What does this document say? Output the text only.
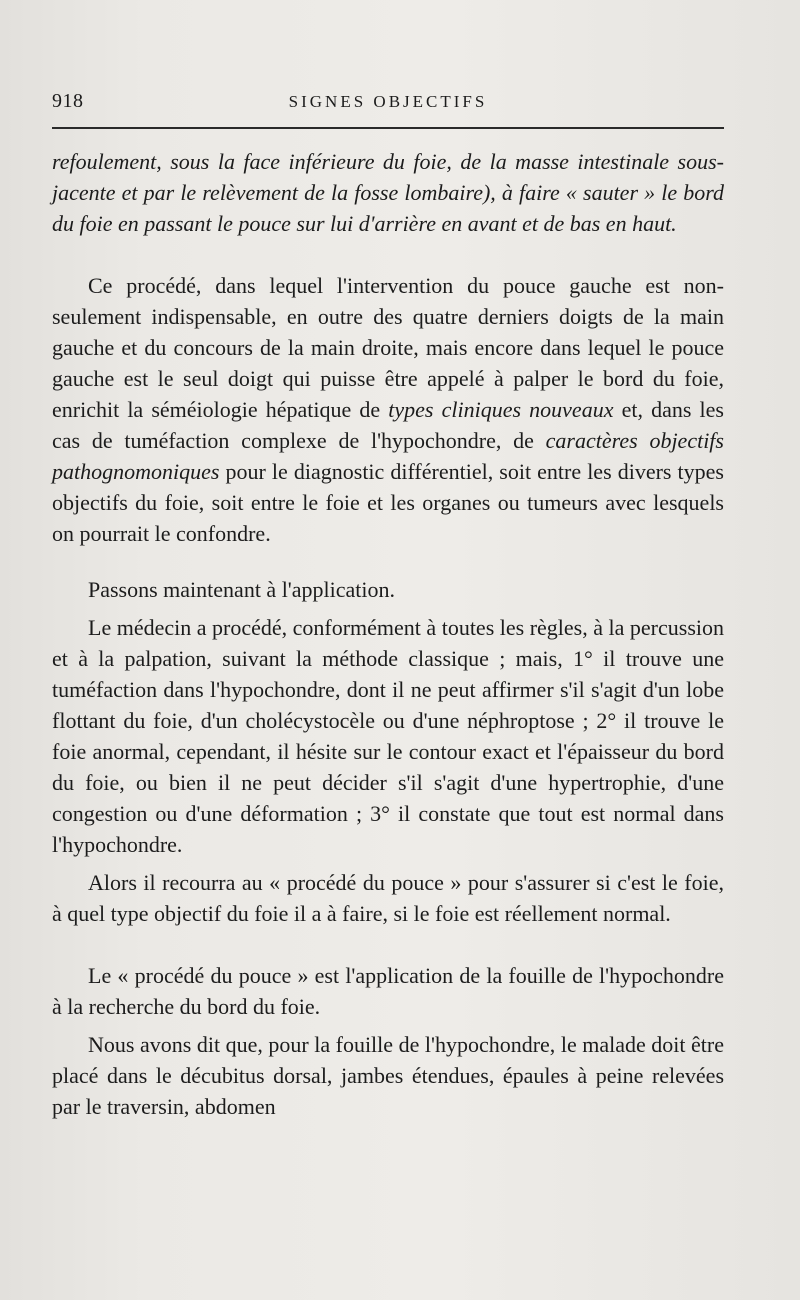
918	SIGNES OBJECTIFS

refoulement, sous la face inférieure du foie, de la masse intestinale sous-jacente et par le relèvement de la fosse lombaire), à faire « sauter » le bord du foie en passant le pouce sur lui d'arrière en avant et de bas en haut.

Ce procédé, dans lequel l'intervention du pouce gauche est non-seulement indispensable, en outre des quatre derniers doigts de la main gauche et du concours de la main droite, mais encore dans lequel le pouce gauche est le seul doigt qui puisse être appelé à palper le bord du foie, enrichit la séméiologie hépatique de types cliniques nouveaux et, dans les cas de tuméfaction complexe de l'hypochondre, de caractères objectifs pathognomoniques pour le diagnostic différentiel, soit entre les divers types objectifs du foie, soit entre le foie et les organes ou tumeurs avec lesquels on pourrait le confondre.

Passons maintenant à l'application.

Le médecin a procédé, conformément à toutes les règles, à la percussion et à la palpation, suivant la méthode classique ; mais, 1° il trouve une tuméfaction dans l'hypochondre, dont il ne peut affirmer s'il s'agit d'un lobe flottant du foie, d'un cholécystocèle ou d'une néphroptose ; 2° il trouve le foie anormal, cependant, il hésite sur le contour exact et l'épaisseur du bord du foie, ou bien il ne peut décider s'il s'agit d'une hypertrophie, d'une congestion ou d'une déformation ; 3° il constate que tout est normal dans l'hypochondre.

Alors il recourra au « procédé du pouce » pour s'assurer si c'est le foie, à quel type objectif du foie il a à faire, si le foie est réellement normal.

Le « procédé du pouce » est l'application de la fouille de l'hypochondre à la recherche du bord du foie.

Nous avons dit que, pour la fouille de l'hypochondre, le malade doit être placé dans le décubitus dorsal, jambes étendues, épaules à peine relevées par le traversin, abdomen
